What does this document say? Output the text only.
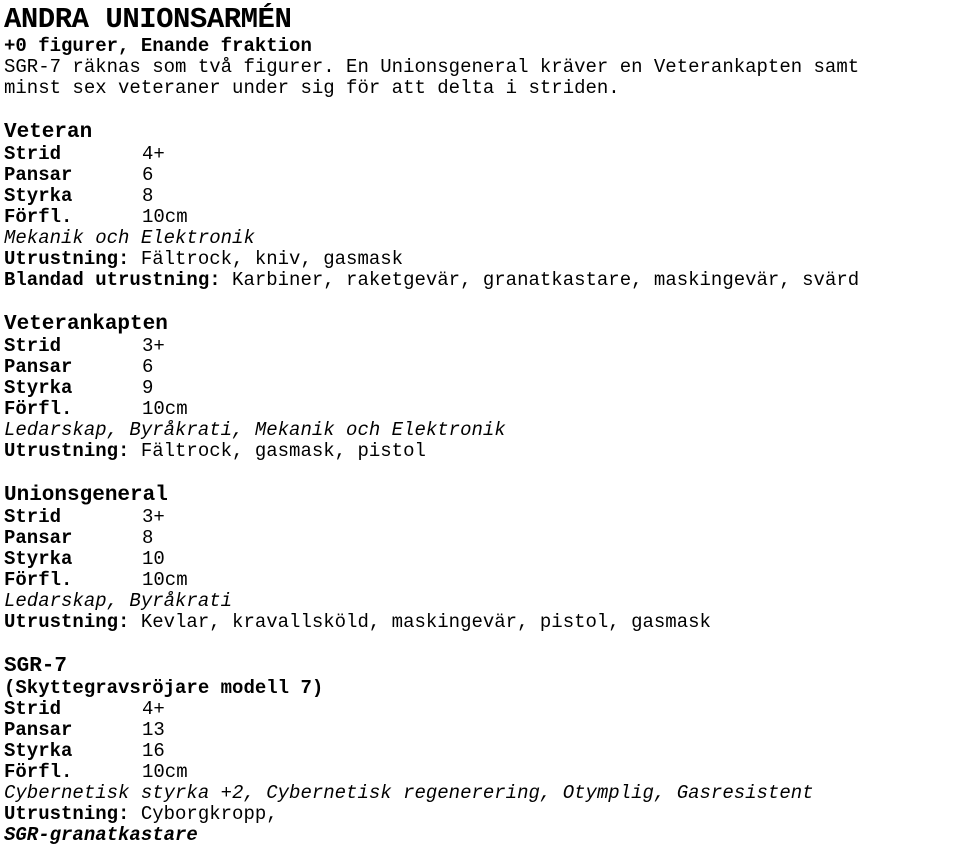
ANDRA UNIONSARMÉN
+0 figurer, Enande fraktion
SGR-7 räknas som två figurer. En Unionsgeneral kräver en Veterankapten samt
minst sex veteraner under sig för att delta i striden.
Veteran
Strid	4+
Pansar	6
Styrka	8
Förfl.	10cm
Mekanik och Elektronik
Utrustning: Fältrock, kniv, gasmask
Blandad utrustning: Karbiner, raketgevär, granatkastare, maskingevär, svärd
Veterankapten
Strid	3+
Pansar	6
Styrka	9
Förfl.	10cm
Ledarskap, Byråkrati, Mekanik och Elektronik
Utrustning: Fältrock, gasmask, pistol
Unionsgeneral
Strid	3+
Pansar	8
Styrka	10
Förfl.	10cm
Ledarskap, Byråkrati
Utrustning: Kevlar, kravallsköld, maskingevär, pistol, gasmask
SGR-7
(Skyttegravsröjare modell 7)
Strid	4+
Pansar	13
Styrka	16
Förfl.	10cm
Cybernetisk styrka +2, Cybernetisk regenerering, Otymplig, Gasresistent
Utrustning: Cyborgkropp,
SGR-granatkastare
